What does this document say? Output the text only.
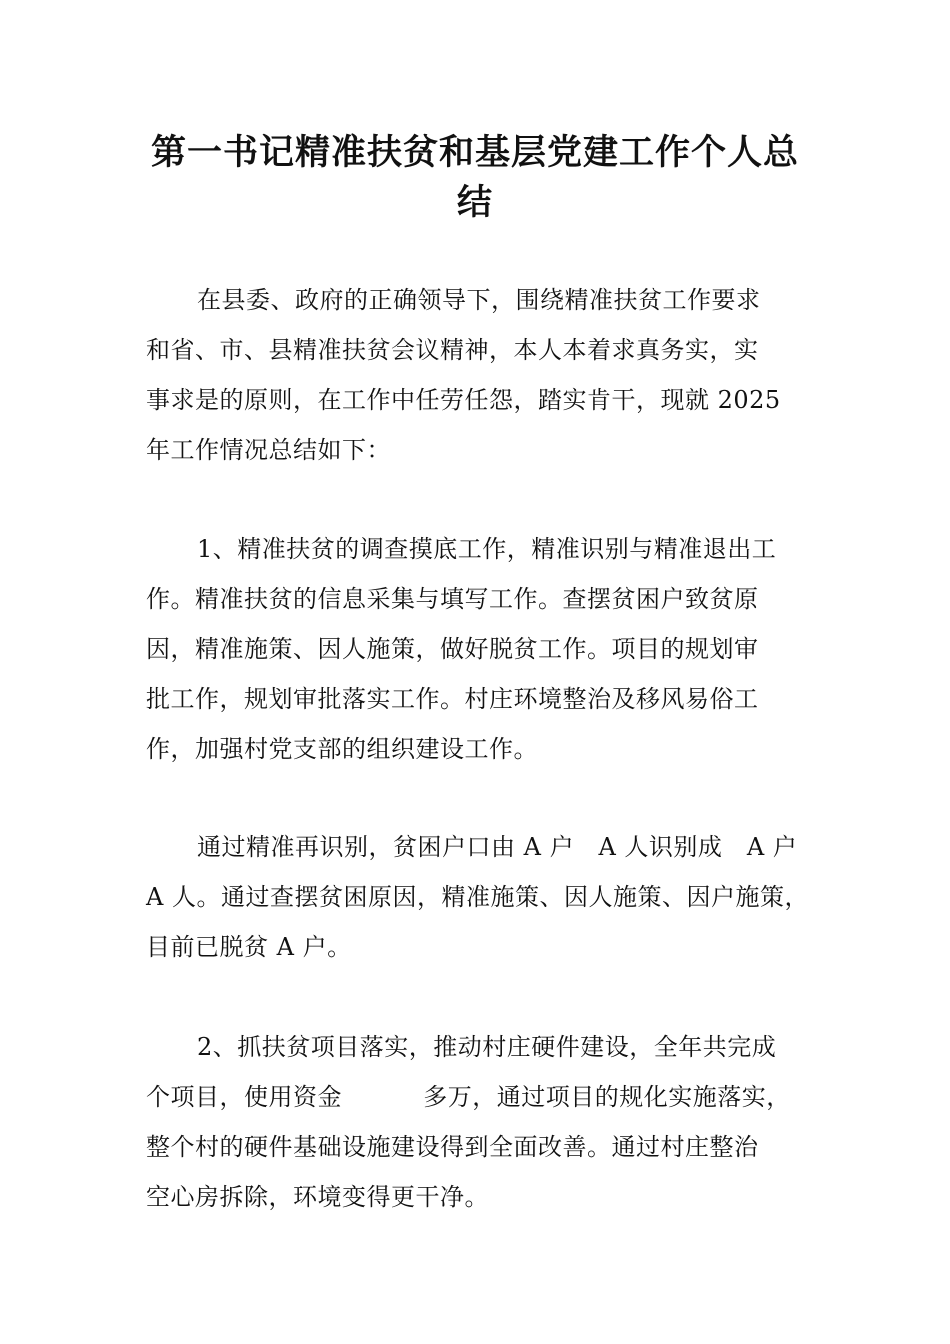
第一书记精准扶贫和基层党建工作个人总
结
在县委、政府的正确领导下，围绕精准扶贫工作要求
和省、市、县精准扶贫会议精神，本人本着求真务实，实
事求是的原则，在工作中任劳任怨，踏实肯干，现就 2025
年工作情况总结如下：
1、精准扶贫的调查摸底工作，精准识别与精准退出工
作。精准扶贫的信息采集与填写工作。查摆贫困户致贫原
因，精准施策、因人施策，做好脱贫工作。项目的规划审
批工作，规划审批落实工作。村庄环境整治及移风易俗工
作，加强村党支部的组织建设工作。
通过精准再识别，贫困户口由 A 户   A 人识别成   A 户
A 人。通过查摆贫困原因，精准施策、因人施策、因户施策，
目前已脱贫 A 户。
2、抓扶贫项目落实，推动村庄硬件建设，全年共完成
个项目，使用资金          多万，通过项目的规化实施落实，
整个村的硬件基础设施建设得到全面改善。通过村庄整治
空心房拆除，环境变得更干净。
